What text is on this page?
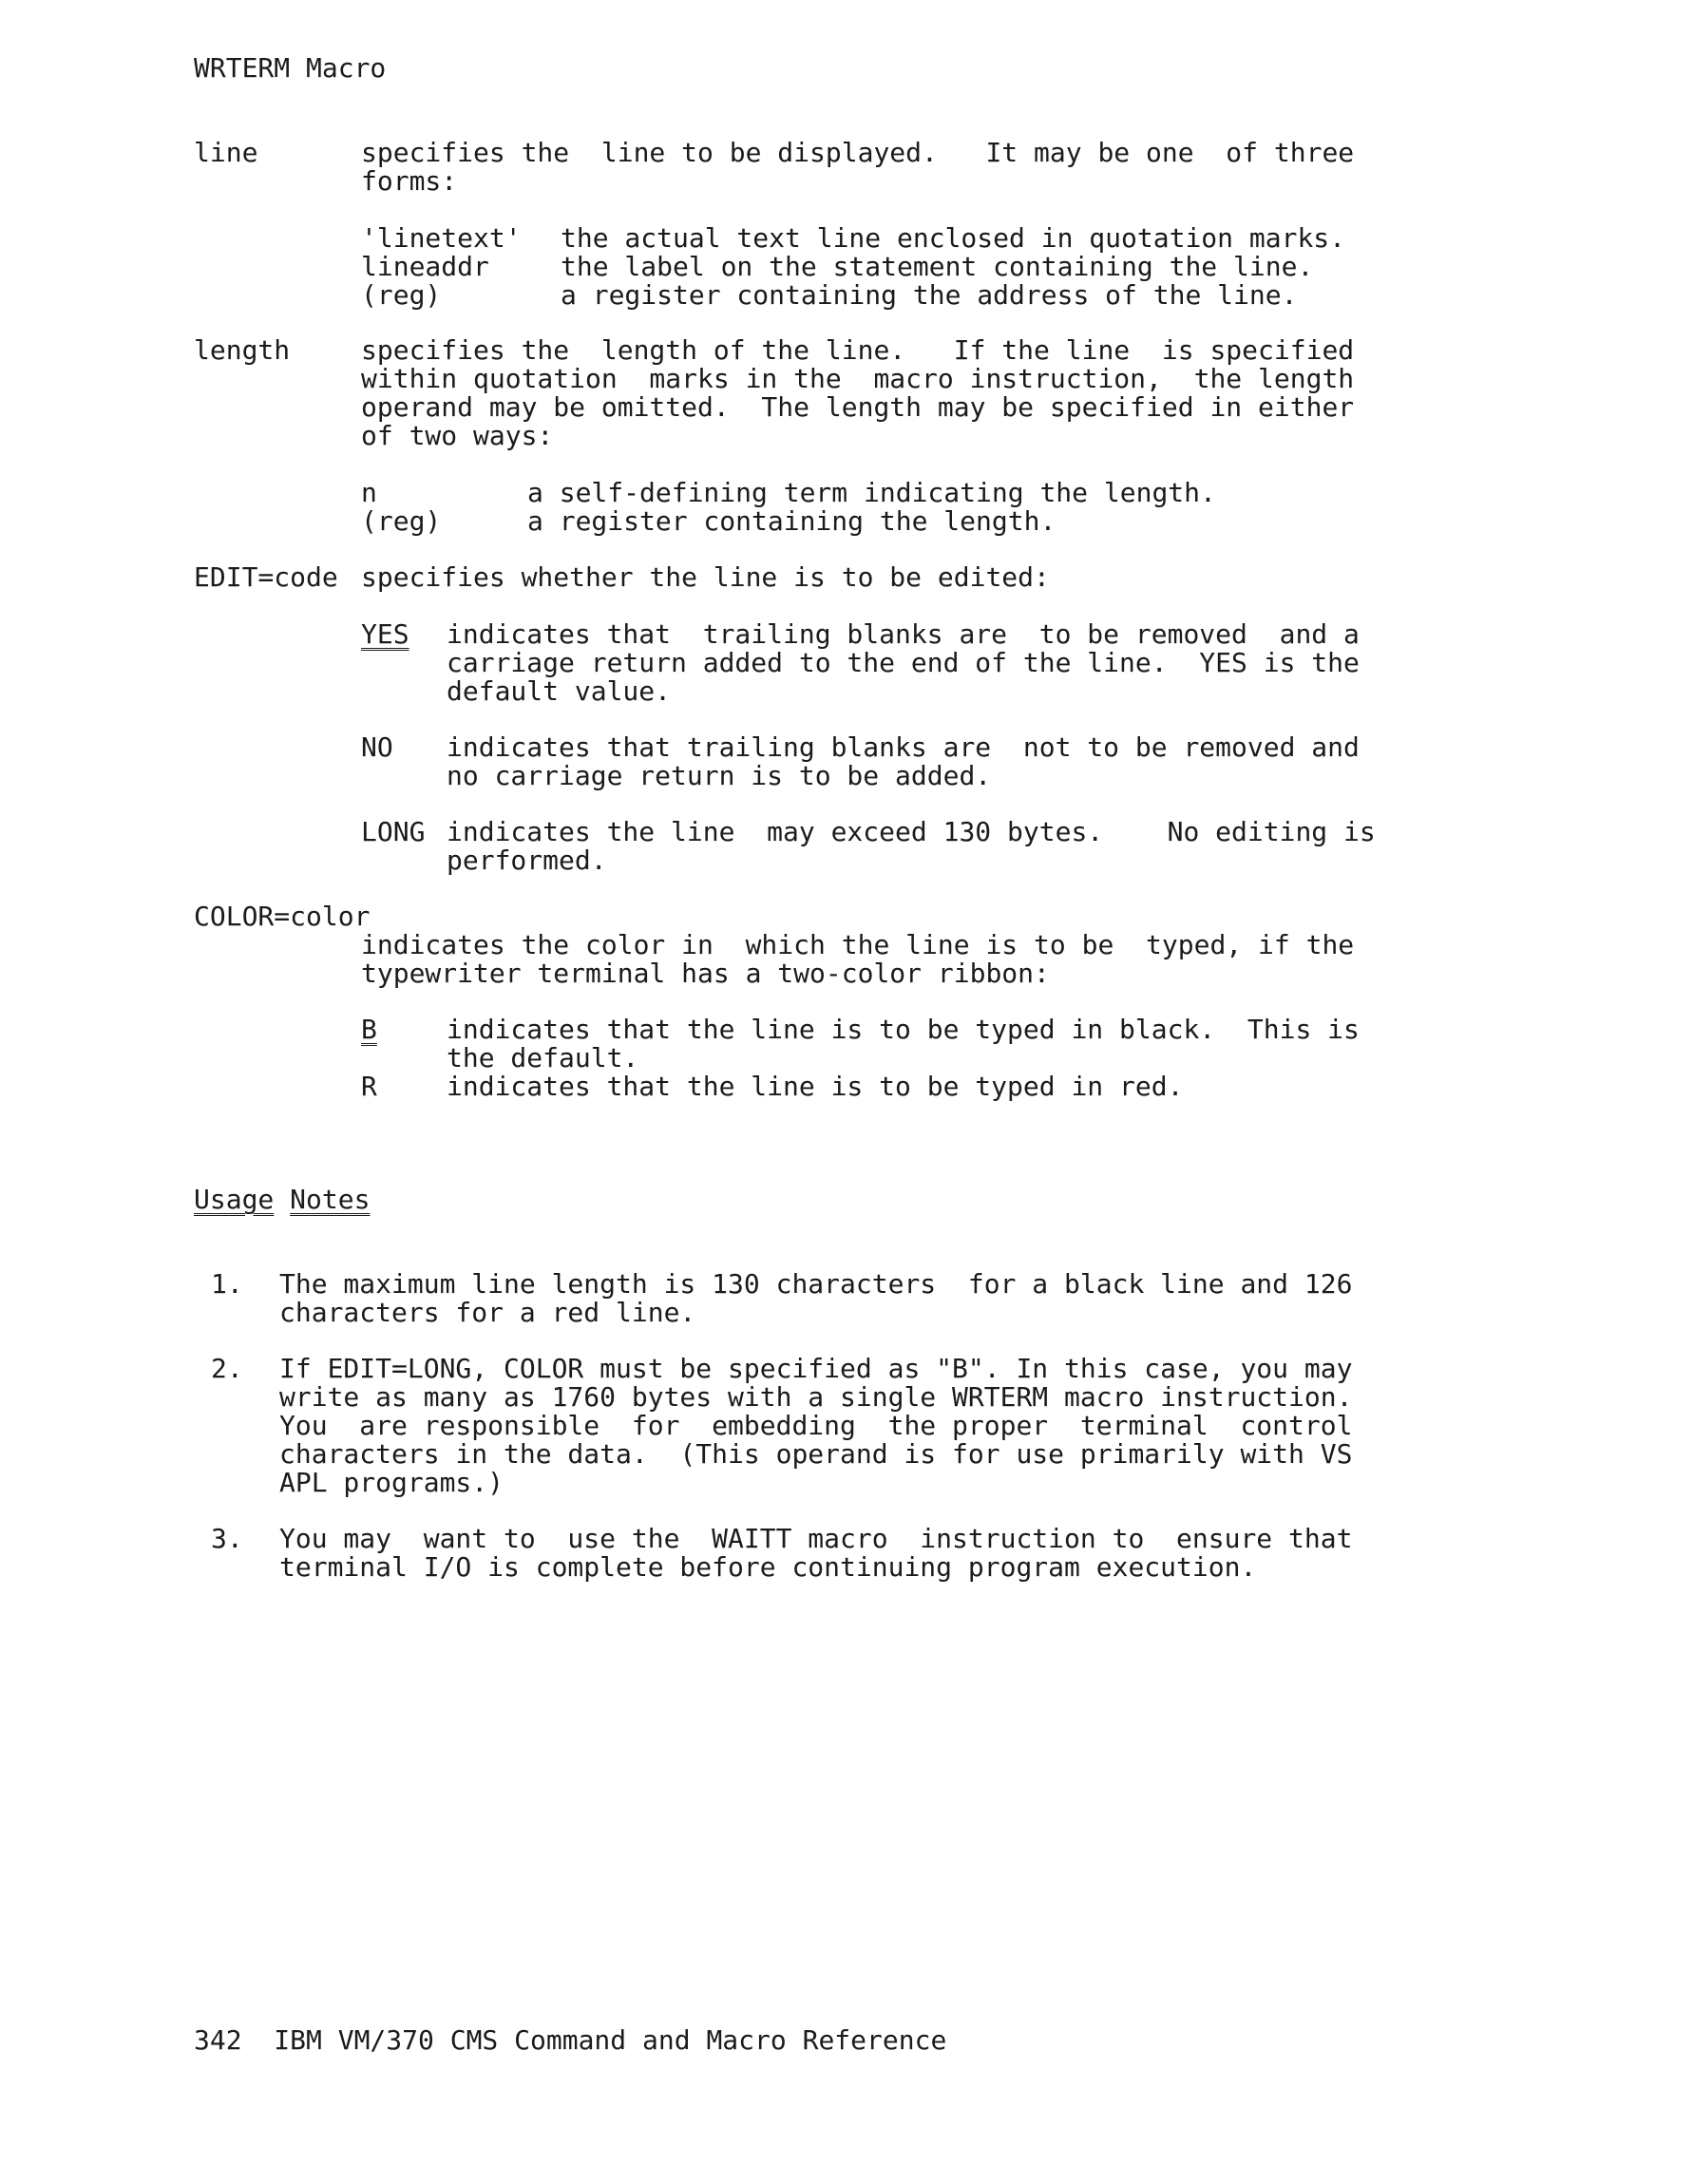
WRTERM Macro
line	specifies the  line to be displayed.   It may be one  of three
forms:
'linetext' the actual text line enclosed in quotation marks.
lineaddr	the label on the statement containing the line.
(reg)	a register containing the address of the line.
length	specifies the  length of the line.   If the line  is specified
within quotation  marks in the  macro instruction,  the length
operand may be omitted.  The length may be specified in either
of two ways:
n	a self-defining term indicating the length.
(reg)	a register containing the length.
EDIT=code specifies whether the line is to be edited:
YES indicates that  trailing blanks are  to be removed  and a
carriage return added to the end of the line.  YES is the
default value.
NO indicates that trailing blanks are  not to be removed and
no carriage return is to be added.
LONG indicates the line  may exceed 130 bytes.    No editing is
performed.
COLOR=color
indicates the color in  which the line is to be  typed, if the
typewriter terminal has a two-color ribbon:
B	indicates that the line is to be typed in black.  This is
the default.
R	indicates that the line is to be typed in red.
Usage Notes
1. The maximum line length is 130 characters  for a black line and 126
characters for a red line.
2. If EDIT=LONG, COLOR must be specified as "B". In this case, you may
write as many as 1760 bytes with a single WRTERM macro instruction.
You  are responsible  for  embedding  the proper  terminal  control
characters in the data.  (This operand is for use primarily with VS
APL programs.)
3. You may  want to  use the  WAITT macro  instruction to  ensure that
terminal I/O is complete before continuing program execution.
342  IBM VM/370 CMS Command and Macro Reference
